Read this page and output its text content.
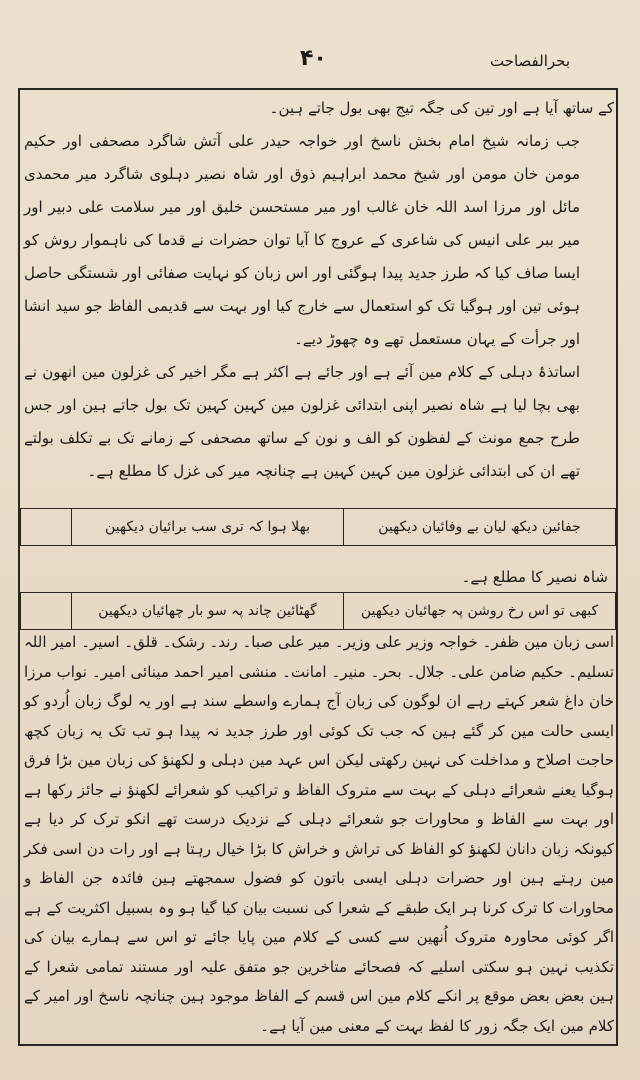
بحرالفصاحت
۴۰

کے ساتھ آیا ہے اور تین کی جگہ تیج بھی بول جاتے ہین۔

جب زمانہ شیخ امام بخش ناسخ اور خواجہ حیدر علی آتش شاگرد مصحفی اور حکیم مومن خان مومن اور شیخ محمد ابراہیم ذوق اور شاہ نصیر دہلوی شاگرد میر محمدی مائل اور مرزا اسد اللہ خان غالب اور میر مستحسن خلیق اور میر سلامت علی دبیر اور میر ببر علی انیس کی شاعری کے عروج کا آیا توان حضرات نے قدما کی ناہموار روش کو ایسا صاف کیا کہ طرز جدید پیدا ہوگئی اور اس زبان کو نہایت صفائی اور شستگی حاصل ہوئی تین اور ہوگیا تک کو استعمال سے خارج کیا اور بہت سے قدیمی الفاظ جو سید انشا اور جرأت کے یہان مستعمل تھے وہ چھوڑ دیے۔

اساتذۂ دہلی کے کلام مین آئے ہے اور جائے ہے اکثر ہے مگر اخیر کی غزلون مین انھون نے بھی بچا لیا ہے شاہ نصیر اپنی ابتدائی غزلون مین کہین کہین تک بول جاتے ہین اور جس طرح جمع مونث کے لفظون کو الف و نون کے ساتھ مصحفی کے زمانے تک بے تکلف بولتے تھے ان کی ابتدائی غزلون مین کہین کہین ہے چنانچہ میر کی غزل کا مطلع ہے۔

جفائین دیکھ لیان بے وفائیان دیکھین	بھلا ہوا کہ تری سب برائیان دیکھین	
شاہ نصیر کا مطلع ہے۔
کبھی تو اس رخ روشن پہ جھائیان دیکھین	گھٹائین چاند پہ سو بار چھائیان دیکھین	

اسی زبان مین ظفر۔ خواجہ وزیر علی وزیر۔ میر علی صبا۔ رند۔ رشک۔ قلق۔ اسیر۔ امیر اللہ تسلیم۔ حکیم ضامن علی۔ جلال۔ بحر۔ منیر۔ امانت۔ منشی امیر احمد مینائی امیر۔ نواب مرزا خان داغ شعر کہتے رہے ان لوگون کی زبان آج ہمارے واسطے سند ہے اور یہ لوگ زبان اُردو کو ایسی حالت مین کر گئے ہین کہ جب تک کوئی اور طرز جدید نہ پیدا ہو تب تک یہ زبان کچھ حاجت اصلاح و مداخلت کی نہین رکھتی لیکن اس عہد مین دہلی و لکھنؤ کی زبان مین بڑا فرق ہوگیا یعنے شعرائے دہلی کے بہت سے متروک الفاظ و تراکیب کو شعرائے لکھنؤ نے جائز رکھا ہے اور بہت سے الفاظ و محاورات جو شعرائے دہلی کے نزدیک درست تھے انکو ترک کر دیا ہے کیونکہ زبان دانان لکھنؤ کو الفاظ کی تراش و خراش کا بڑا خیال رہتا ہے اور رات دن اسی فکر مین رہتے ہین اور حضرات دہلی ایسی باتون کو فضول سمجھتے ہین فائدہ جن الفاظ و محاورات کا ترک کرنا ہر ایک طبقے کے شعرا کی نسبت بیان کیا گیا ہو وہ بسبیل اکثریت کے ہے اگر کوئی محاورہ متروک اُنھین سے کسی کے کلام مین پایا جائے تو اس سے ہمارے بیان کی تکذیب نہین ہو سکتی اسلیے کہ فصحائے متاخرین جو متفق علیہ اور مستند تمامی شعرا کے ہین بعض بعض موقع پر انکے کلام مین اس قسم کے الفاظ موجود ہین چنانچہ ناسخ اور امیر کے کلام مین ایک جگہ زور کا لفظ بہت کے معنی مین آیا ہے۔
